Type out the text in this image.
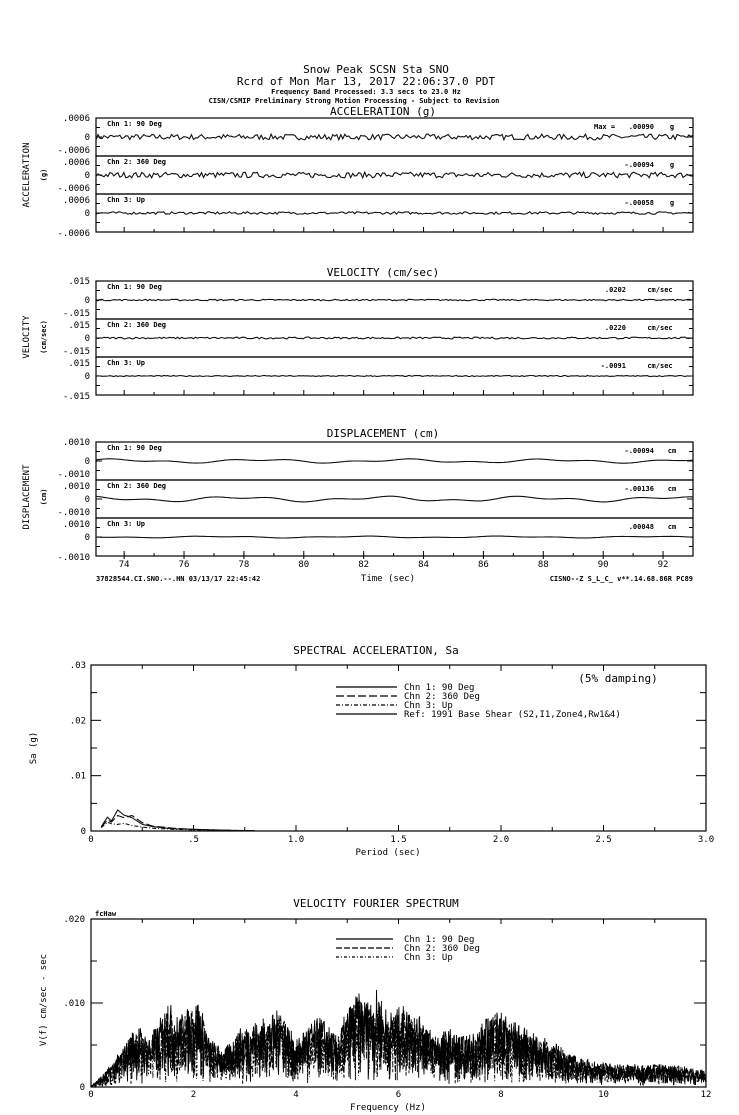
Snow Peak SCSN Sta SNO
Rcrd of Mon Mar 13, 2017 22:06:37.0 PDT
Frequency Band Processed: 3.3 secs to 23.0 Hz
CISN/CSMIP Preliminary Strong Motion Processing - Subject to Revision
ACCELERATION (g)
VELOCITY (cm/sec)
DISPLACEMENT (cm)
ACCELERATION (g)
VELOCITY (cm/sec)
DISPLACEMENT (cm)
.0006
0
-.0006
Chn 1: 90 Deg	Max = .00090 g
.0006
0
-.0006
Chn 2: 360 Deg	-.00094 g
.0006
0
-.0006
Chn 3: Up	-.00058 g
.015
0
-.015
Chn 1: 90 Deg	.0202	cm/sec
.015
0
-.015
Chn 2: 360 Deg	.0220	cm/sec
.015
0
-.015
Chn 3: Up	-.0091	cm/sec
.0010
0
-.0010
Chn 1: 90 Deg	-.00094 cm
.0010
0
-.0010
Chn 2: 360 Deg	-.00136 cm
.0010
0
-.0010
Chn 3: Up	.00048 cm
74	76	78	80	82	84	86	88	90	92
37828544.CI.SNO.--.HN 03/13/17 22:45:42	Time (sec)	CISNO--Z S_L_C_ v**.14.68.86R PC89
SPECTRAL ACCELERATION, Sa
(5% damping)
Sa (g)
Period (sec)
0	.5	1.0	1.5	2.0	2.5	3.0
0
.01
.02
.03
Chn 1: 90 Deg
Chn 2: 360 Deg
Chn 3: Up
Ref: 1991 Base Shear (S2,I1,Zone4,Rw1&4)
VELOCITY FOURIER SPECTRUM
fcHaw
V(f) cm/sec - sec
Frequency (Hz)
0	2	4	6	8	10	12
0
.010
.020
Chn 1: 90 Deg
Chn 2: 360 Deg
Chn 3: Up
